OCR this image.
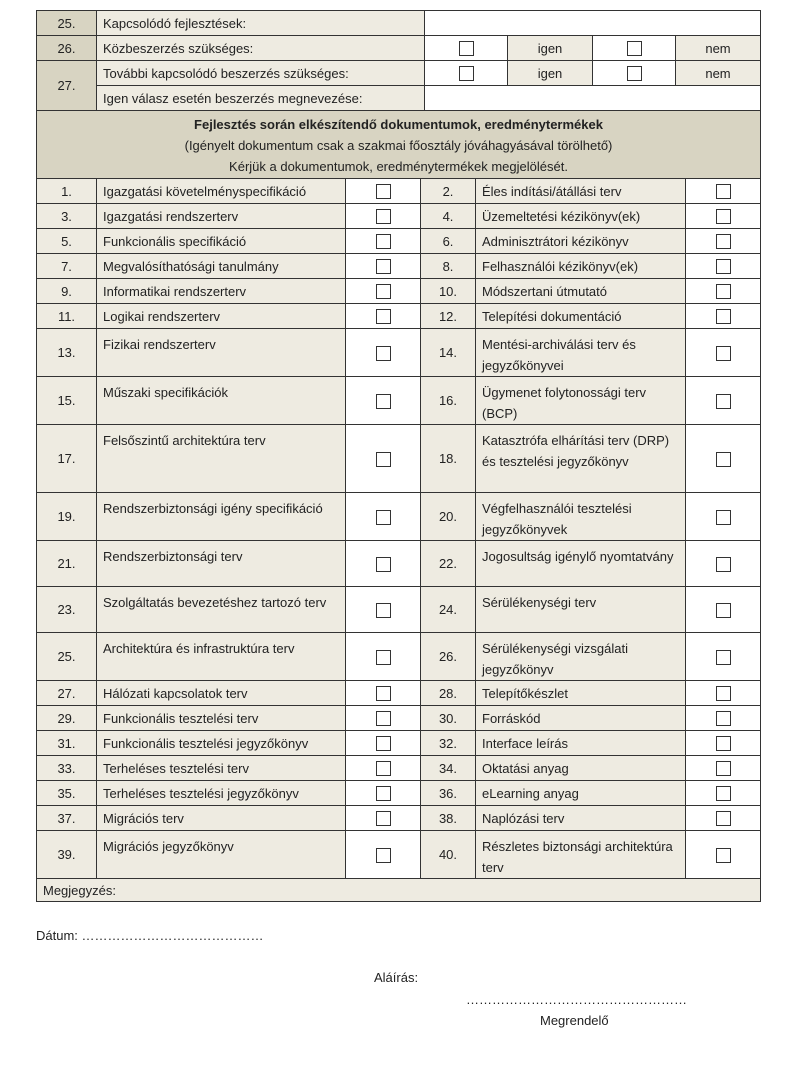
25.	Kapcsolódó fejlesztések:				
26.	Közbeszerzés szükséges:		igen		nem
27.	További kapcsolódó beszerzés szükséges:		igen		nem
	Igen válasz esetén beszerzés megnevezése:				

Fejlesztés során elkészítendő dokumentumok, eredménytermékek
(Igényelt dokumentum csak a szakmai főosztály jóváhagyásával törölhető)
Kérjük a dokumentumok, eredménytermékek megjelölését.					
1.	Igazgatási követelményspecifikáció		2.	Éles indítási/átállási terv	
3.	Igazgatási rendszerterv		4.	Üzemeltetési kézikönyv(ek)	
5.	Funkcionális specifikáció		6.	Adminisztrátori kézikönyv	
7.	Megvalósíthatósági tanulmány		8.	Felhasználói kézikönyv(ek)	
9.	Informatikai rendszerterv		10.	Módszertani útmutató	
11.	Logikai rendszerterv		12.	Telepítési dokumentáció	
13.	Fizikai rendszerterv		14.	Mentési-archiválási terv és jegyzőkönyvei	
15.	Műszaki specifikációk		16.	Ügymenet folytonossági terv (BCP)	
17.	Felsőszintű architektúra terv		18.	Katasztrófa elhárítási terv (DRP) és tesztelési jegyzőkönyv	
19.	Rendszerbiztonsági igény specifikáció		20.	Végfelhasználói tesztelési jegyzőkönyvek	
21.	Rendszerbiztonsági terv		22.	Jogosultság igénylő nyomtatvány	
23.	Szolgáltatás bevezetéshez tartozó terv		24.	Sérülékenységi terv	
25.	Architektúra és infrastruktúra terv		26.	Sérülékenységi vizsgálati jegyzőkönyv	
27.	Hálózati kapcsolatok terv		28.	Telepítőkészlet	
29.	Funkcionális tesztelési terv		30.	Forráskód	
31.	Funkcionális tesztelési jegyzőkönyv		32.	Interface leírás	
33.	Terheléses tesztelési terv		34.	Oktatási anyag	
35.	Terheléses tesztelési jegyzőkönyv		36.	eLearning anyag	
37.	Migrációs terv		38.	Naplózási terv	
39.	Migrációs jegyzőkönyv		40.	Részletes biztonsági architektúra terv	
Megjegyzés:					
Dátum: ……………………………………
Aláírás:
……………………………………………
Megrendelő
